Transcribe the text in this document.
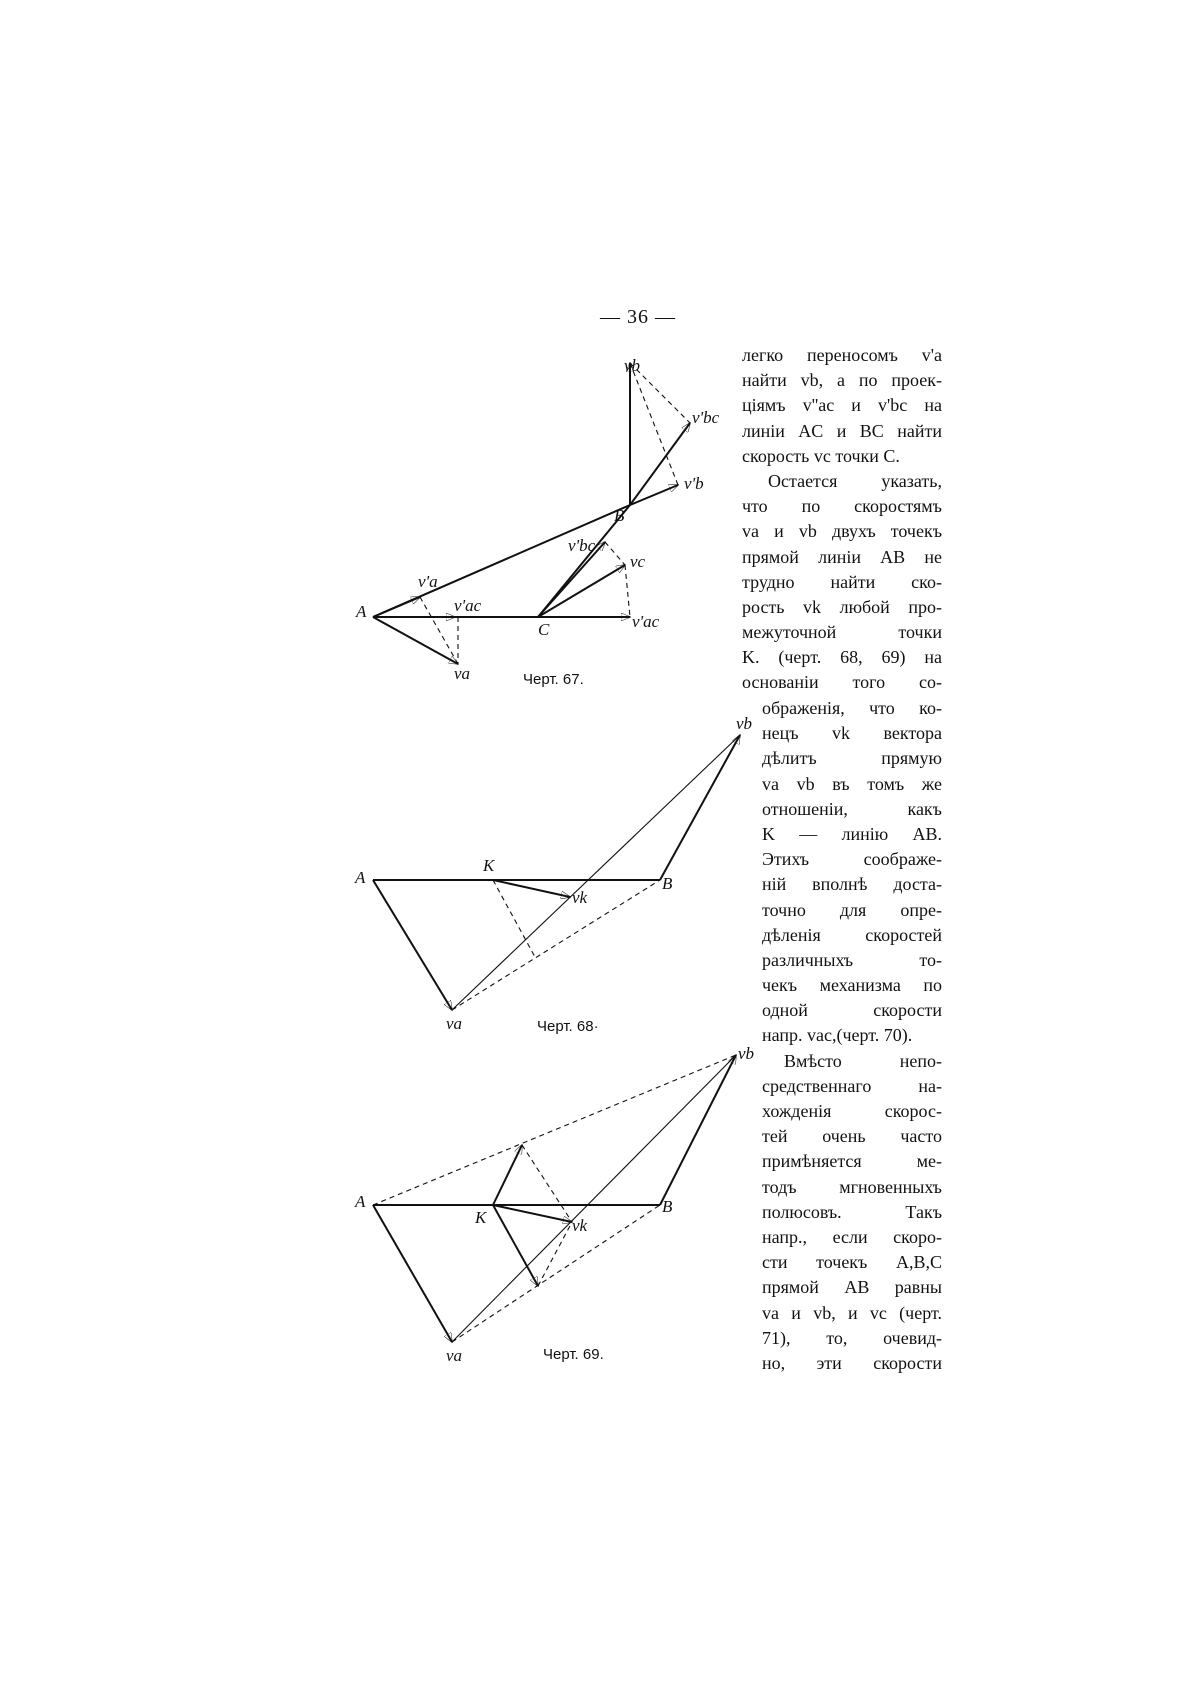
— 36 —
A
B
C
va
v'a
v'ac
v'ac
vb
v'b
v'bc
v'bc
vc
Черт. 67.
A	B
K
va
vb
vk
Черт. 68·
A	B
K
va
vb
vk
Черт. 69.
легко переносомъ v'a
найти vb, а по проек-
цiямъ v''ac и v'bc на
линiи AC и BC найти
скорость vc точки C.
Остается указать,
что по скоростямъ
va и vb двухъ точекъ
прямой линiи AB не
трудно найти ско-
рость vk любой про-
межуточной точки
K. (черт. 68, 69) на
основанiи того со-
ображенiя, что ко-
нецъ vk вектора
дѣлитъ прямую
va vb въ томъ же
отношенiи, какъ
K — линiю AB.
Этихъ соображе-
нiй вполнѣ доста-
точно для опре-
дѣленiя скоростей
различныхъ то-
чекъ механизма по
одной скорости
напр. vac,(черт. 70).
Вмѣсто непо-
средственнаго на-
хожденiя скорос-
тей очень часто
примѣняется ме-
тодъ мгновенныхъ
полюсовъ. Такъ
напр., если скоро-
сти точекъ A,B,C
прямой AB равны
va и vb, и vc (черт.
71), то, очевид-
но, эти скорости
